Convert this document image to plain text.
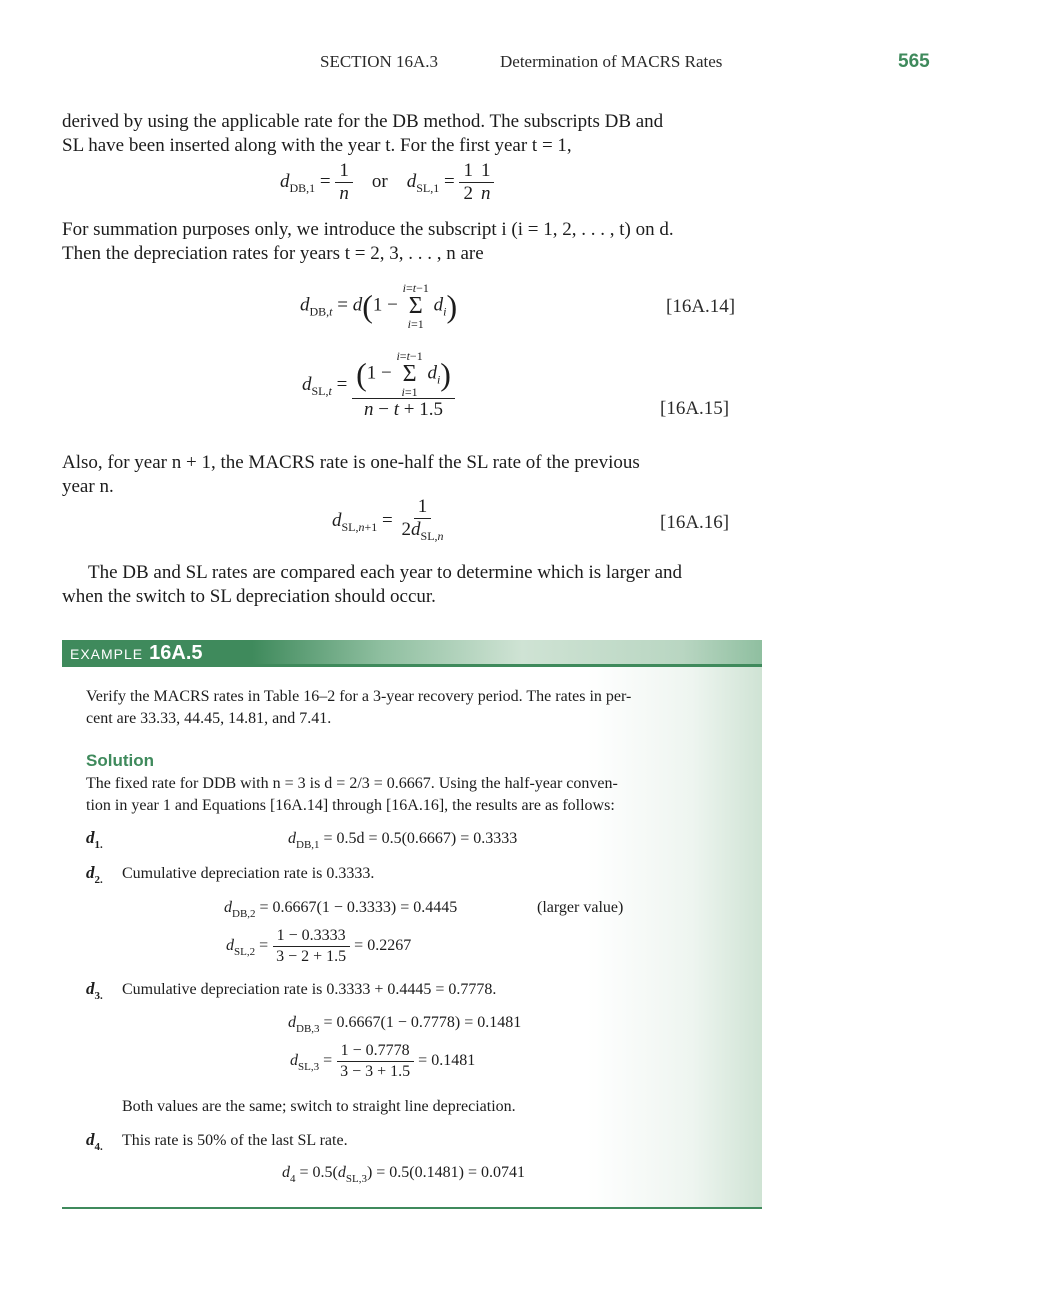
SECTION 16A.3	Determination of MACRS Rates	565
derived by using the applicable rate for the DB method. The subscripts DB and
SL have been inserted along with the year t. For the first year t = 1,
$d_{DB,1} = \frac{1}{n}$ or    $d_{SL,1} = \frac{1}{2} \frac{1}{n}$
For summation purposes only, we introduce the subscript i (i = 1, 2, . . . , t) on d.
Then the depreciation rates for years t = 2, 3, . . . , n are
$d_{DB,t} = d(1$ −
i=t−1
Σ
i=1
$d_i$)	[16A.14]
$d_{SL,t} = (1$ −
i=t−1
Σ
i=1
$d_i$)
n − t + 1.5	[16A.15]
Also, for year n + 1, the MACRS rate is one-half the SL rate of the previous
year n.
$d_{SL,n+1} = \frac{1}{2d_{SL,n}}$	[16A.16]
The DB and SL rates are compared each year to determine which is larger and
when the switch to SL depreciation should occur.
EXAMPLE 16A.5
Verify the MACRS rates in Table 16–2 for a 3-year recovery period. The rates in per-
cent are 33.33, 44.45, 14.81, and 7.41.
Solution
The fixed rate for DDB with n = 3 is d = 2/3 = 0.6667. Using the half-year conven-
tion in year 1 and Equations [16A.14] through [16A.16], the results are as follows:
$d_{1.}$	$d_{DB,1} = 0.5d = 0.5(0.6667) = 0.3333$
$d_{2.}$ Cumulative depreciation rate is 0.3333.
$d_{DB,2} = 0.6667(1 - 0.3333) = 0.4445$	(larger value)
$d_{SL,2} = \frac{1 - 0.3333}{3 - 2 + 1.5} = 0.2267$
$d_{3.}$ Cumulative depreciation rate is 0.3333 + 0.4445 = 0.7778.
$d_{DB,3} = 0.6667(1 - 0.7778) = 0.1481$
$d_{SL,3} = \frac{1 - 0.7778}{3 - 3 + 1.5} = 0.1481$
Both values are the same; switch to straight line depreciation.
$d_{4.}$ This rate is 50% of the last SL rate.
$d_4 = 0.5(d_{SL,3}) = 0.5(0.1481) = 0.0741$
